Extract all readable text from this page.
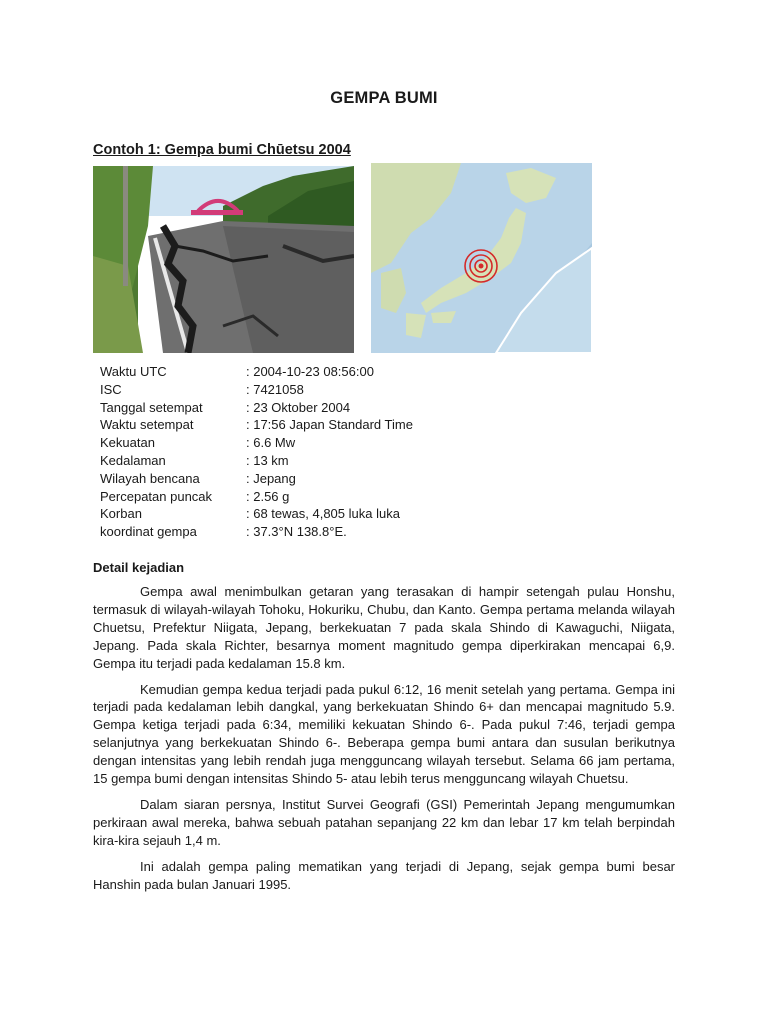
GEMPA BUMI
Contoh 1: Gempa bumi Chūetsu 2004
Waktu UTC	: 2004-10-23 08:56:00
ISC	: 7421058
Tanggal setempat	: 23 Oktober 2004
Waktu setempat	: 17:56 Japan Standard Time
Kekuatan	: 6.6 Mw
Kedalaman	: 13 km
Wilayah bencana	: Jepang
Percepatan puncak	: 2.56 g
Korban	: 68 tewas, 4,805 luka luka
koordinat gempa	: 37.3°N 138.8°E.
Detail kejadian

Gempa awal menimbulkan getaran yang terasakan di hampir setengah pulau Honshu, termasuk di wilayah-wilayah Tohoku, Hokuriku, Chubu, dan Kanto. Gempa pertama melanda wilayah Chuetsu, Prefektur Niigata, Jepang, berkekuatan 7 pada skala Shindo di Kawaguchi, Niigata, Jepang. Pada skala Richter, besarnya moment magnitudo gempa diperkirakan mencapai 6,9. Gempa itu terjadi pada kedalaman 15.8 km.

Kemudian gempa kedua terjadi pada pukul 6:12, 16 menit setelah yang pertama. Gempa ini terjadi pada kedalaman lebih dangkal, yang berkekuatan Shindo 6+ dan mencapai magnitudo 5.9. Gempa ketiga terjadi pada 6:34, memiliki kekuatan Shindo 6-. Pada pukul 7:46, terjadi gempa selanjutnya yang berkekuatan Shindo 6-. Beberapa gempa bumi antara dan susulan berikutnya dengan intensitas yang lebih rendah juga mengguncang wilayah tersebut. Selama 66 jam pertama, 15 gempa bumi dengan intensitas Shindo 5- atau lebih terus mengguncang wilayah Chuetsu.

Dalam siaran persnya, Institut Survei Geografi (GSI) Pemerintah Jepang mengumumkan perkiraan awal mereka, bahwa sebuah patahan sepanjang 22 km dan lebar 17 km telah berpindah kira-kira sejauh 1,4 m.

Ini adalah gempa paling mematikan yang terjadi di Jepang, sejak gempa bumi besar Hanshin pada bulan Januari 1995.
